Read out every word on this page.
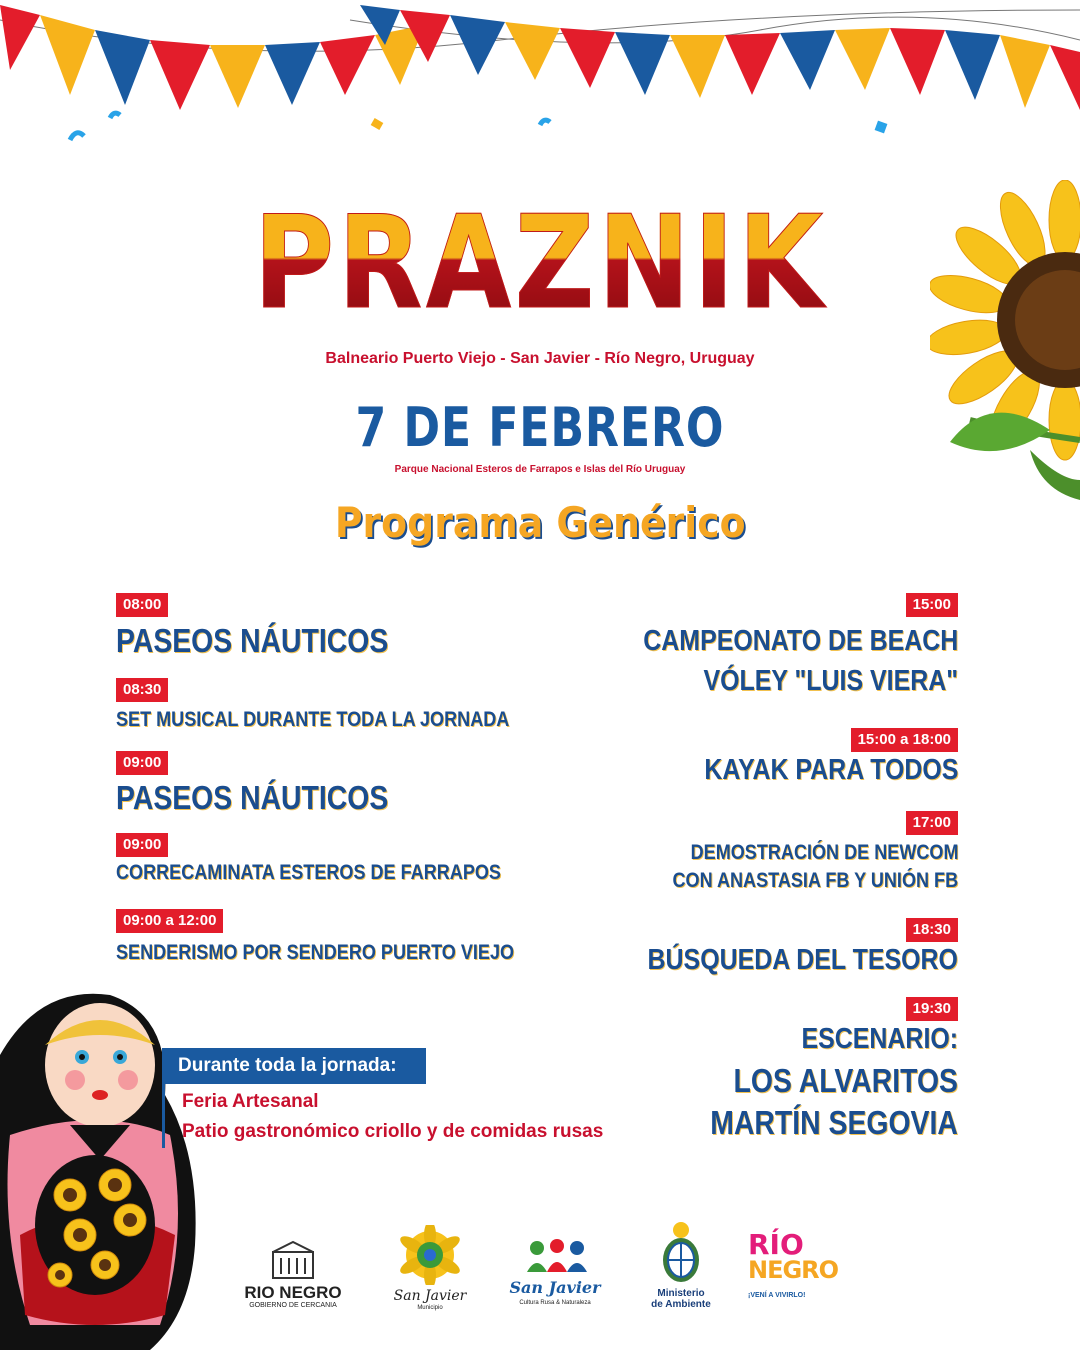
PRAZNIK
Balneario Puerto Viejo - San Javier - Río Negro, Uruguay
7 DE FEBRERO
Parque Nacional Esteros de Farrapos e Islas del Río Uruguay
Programa Genérico
08:00
PASEOS NÁUTICOS
08:30
SET MUSICAL DURANTE TODA LA JORNADA
09:00
PASEOS NÁUTICOS
09:00
CORRECAMINATA ESTEROS DE FARRAPOS
09:00 a 12:00
SENDERISMO POR SENDERO PUERTO VIEJO
15:00
CAMPEONATO DE BEACH
VÓLEY "LUIS VIERA"
15:00 a 18:00
KAYAK PARA TODOS
17:00
DEMOSTRACIÓN DE NEWCOM
CON ANASTASIA FB Y UNIÓN FB
18:30
BÚSQUEDA DEL TESORO
19:30
ESCENARIO:
LOS ALVARITOS
MARTÍN SEGOVIA
Durante toda la jornada:
Feria Artesanal
Patio gastronómico criollo y de comidas rusas
RIO NEGRO
GOBIERNO DE CERCANIA
San Javier
Municipio
San Javier
Cultura Rusa & Naturaleza
Ministerio
de Ambiente
RÍO
NEGRO
¡VENÍ A VIVIRLO!
